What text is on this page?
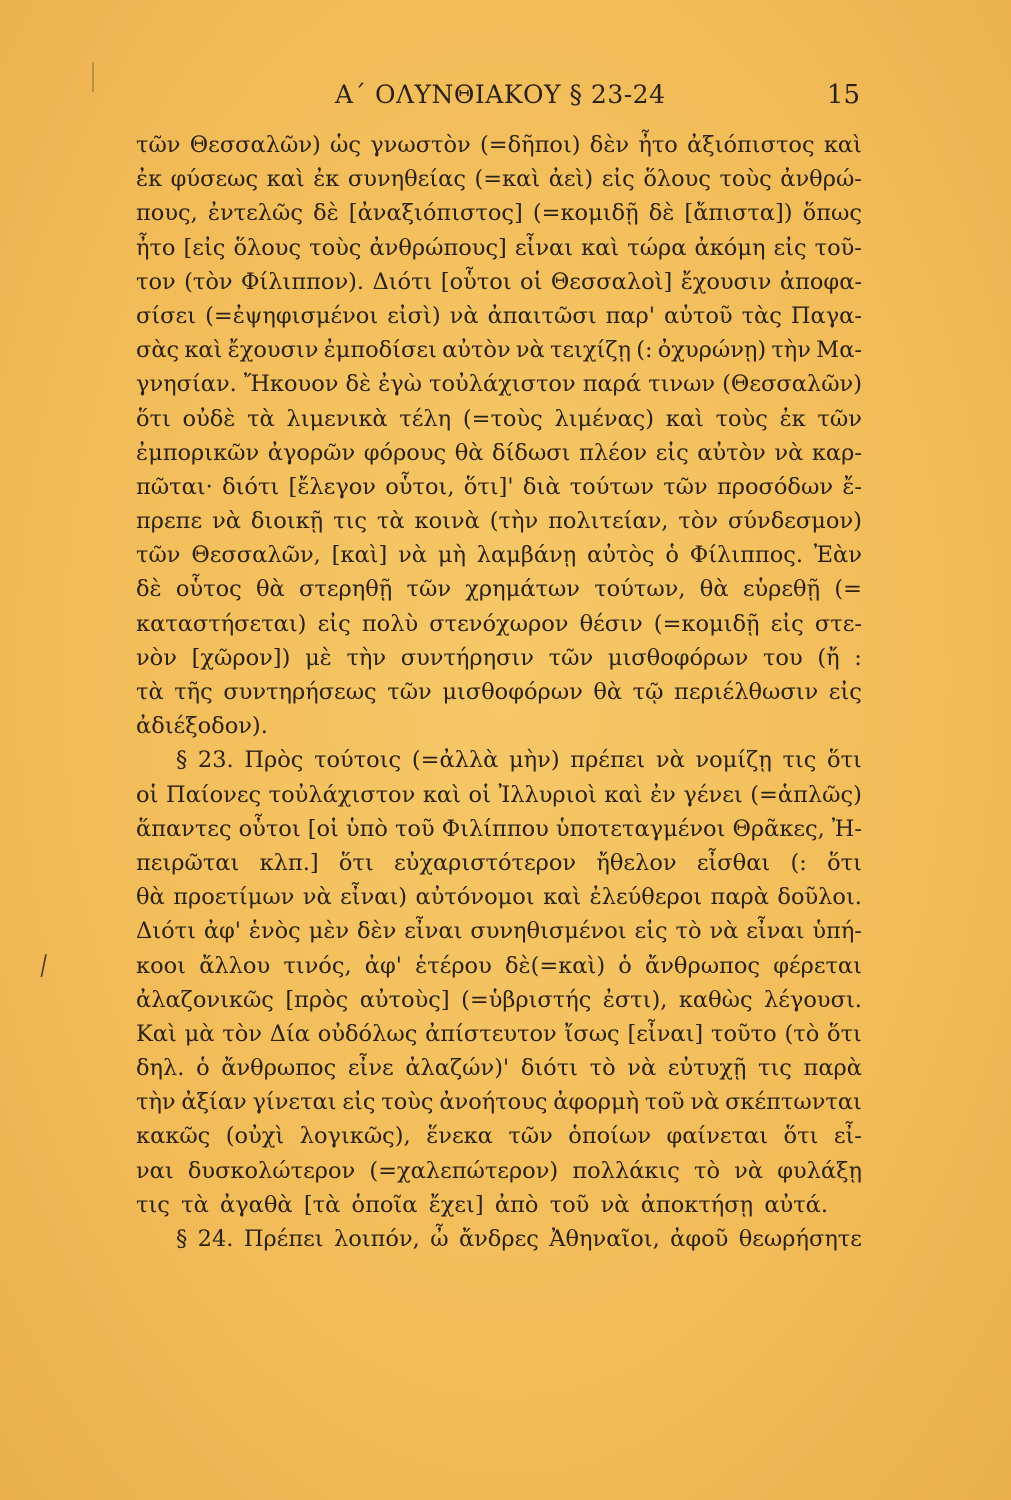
Α΄ ΟΛΥΝΘΙΑΚΟΥ § 23-24	15
⁄
τῶν Θεσσαλῶν) ὡς γνωστὸν (=δῆποι) δὲν ἦτο ἀξιόπιστος καὶ
ἐκ φύσεως καὶ ἐκ συνηθείας (=καὶ ἀεὶ) εἰς ὅλους τοὺς ἀνθρώ-
πους, ἐντελῶς δὲ [ἀναξιόπιστος] (=κομιδῇ δὲ [ἄπιστα]) ὅπως
ἦτο [εἰς ὅλους τοὺς ἀνθρώπους] εἶναι καὶ τώρα ἀκόμη εἰς τοῦ-
τον (τὸν Φίλιππον). Διότι [οὗτοι οἱ Θεσσαλοὶ] ἔχουσιν ἀποφα-
σίσει (=ἐψηφισμένοι εἰσὶ) νὰ ἀπαιτῶσι παρ' αὐτοῦ τὰς Παγα-
σὰς καὶ ἔχουσιν ἐμποδίσει αὐτὸν νὰ τειχίζῃ (: ὀχυρώνῃ) τὴν Μα-
γνησίαν. Ἤκουον δὲ ἐγὼ τοὐλάχιστον παρά τινων (Θεσσαλῶν)
ὅτι οὐδὲ τὰ λιμενικὰ τέλη (=τοὺς λιμένας) καὶ τοὺς ἐκ τῶν
ἐμπορικῶν ἀγορῶν φόρους θὰ δίδωσι πλέον εἰς αὐτὸν νὰ καρ-
πῶται· διότι [ἔλεγον οὗτοι, ὅτι]' διὰ τούτων τῶν προσόδων ἔ-
πρεπε νὰ διοικῇ τις τὰ κοινὰ (τὴν πολιτείαν, τὸν σύνδεσμον)
τῶν Θεσσαλῶν, [καὶ] νὰ μὴ λαμβάνῃ αὐτὸς ὁ Φίλιππος. Ἐὰν
δὲ οὗτος θὰ στερηθῇ τῶν χρημάτων τούτων, θὰ εὑρεθῇ (=
καταστήσεται) εἰς πολὺ στενόχωρον θέσιν (=κομιδῇ εἰς στε-
νὸν [χῶρον]) μὲ τὴν συντήρησιν τῶν μισθοφόρων του (ἤ :
τὰ τῆς συντηρήσεως τῶν μισθοφόρων θὰ τῷ περιέλθωσιν εἰς
ἀδιέξοδον).
§ 23. Πρὸς τούτοις (=ἀλλὰ μὴν) πρέπει νὰ νομίζῃ τις ὅτι
οἱ Παίονες τοὐλάχιστον καὶ οἱ Ἰλλυριοὶ καὶ ἐν γένει (=ἁπλῶς)
ἅπαντες οὗτοι [οἱ ὑπὸ τοῦ Φιλίππου ὑποτεταγμένοι Θρᾶκες, Ἠ-
πειρῶται κλπ.] ὅτι εὐχαριστότερον ἤθελον εἶσθαι (: ὅτι
θὰ προετίμων νὰ εἶναι) αὐτόνομοι καὶ ἐλεύθεροι παρὰ δοῦλοι.
Διότι ἀφ' ἑνὸς μὲν δὲν εἶναι συνηθισμένοι εἰς τὸ νὰ εἶναι ὑπή-
κοοι ἄλλου τινός, ἀφ' ἑτέρου δὲ(=καὶ) ὁ ἄνθρωπος φέρεται
ἀλαζονικῶς [πρὸς αὐτοὺς] (=ὑβριστής ἐστι), καθὼς λέγουσι.
Καὶ μὰ τὸν Δία οὐδόλως ἀπίστευτον ἴσως [εἶναι] τοῦτο (τὸ ὅτι
δηλ. ὁ ἄνθρωπος εἶνε ἀλαζών)' διότι τὸ νὰ εὐτυχῇ τις παρὰ
τὴν ἀξίαν γίνεται εἰς τοὺς ἀνοήτους ἀφορμὴ τοῦ νὰ σκέπτωνται
κακῶς (οὐχὶ λογικῶς), ἕνεκα τῶν ὁποίων φαίνεται ὅτι εἶ-
ναι δυσκολώτερον (=χαλεπώτερον) πολλάκις τὸ νὰ φυλάξῃ
τις τὰ ἀγαθὰ [τὰ ὁποῖα ἔχει] ἀπὸ τοῦ νὰ ἀποκτήσῃ αὐτά.
§ 24. Πρέπει λοιπόν, ὦ ἄνδρες Ἀθηναῖοι, ἀφοῦ θεωρήσητε
